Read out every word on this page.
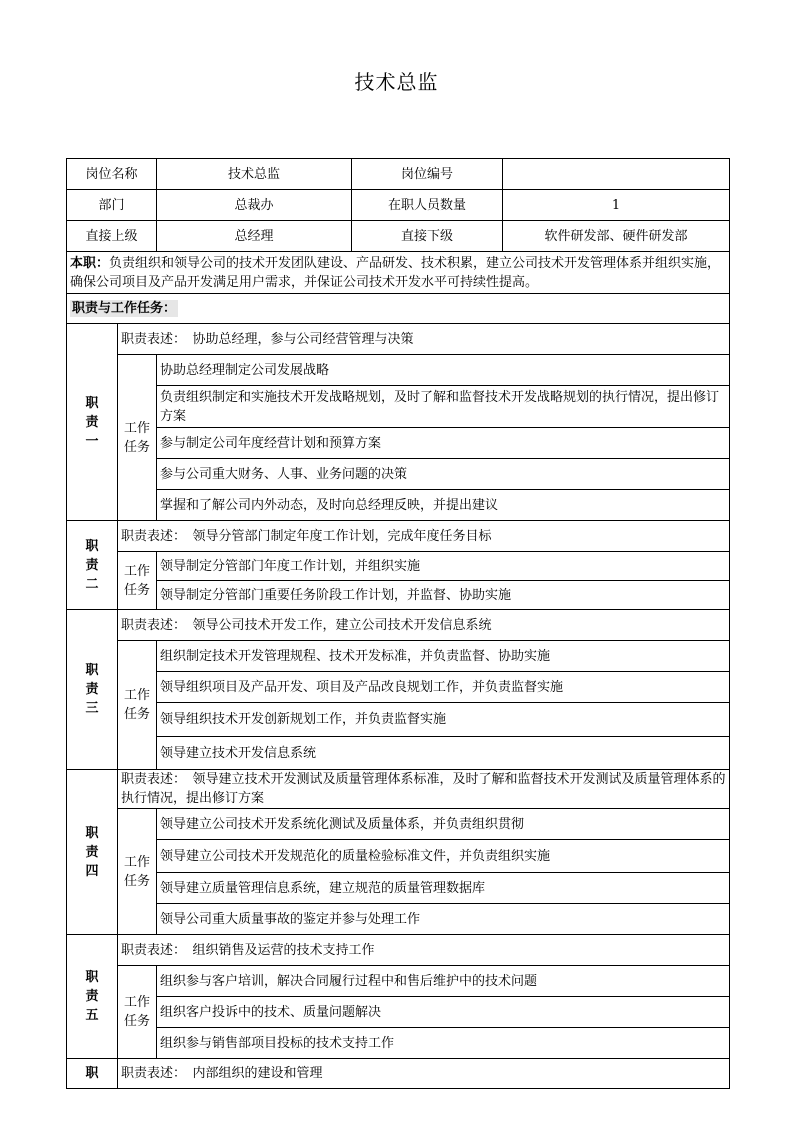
技术总监
岗位名称		技术总监	岗位编号	
部门		总裁办	在职人员数量	1
直接上级		总经理	直接下级	软件研发部、硬件研发部
本职：负责组织和领导公司的技术开发团队建设、产品研发、技术积累，建立公司技术开发管理体系并组织实施，确保公司项目及产品开发满足用户需求，并保证公司技术开发水平可持续性提高。				
职责与工作任务：				

职
责
一	职责表述：　协助总经理，参与公司经营管理与决策			

	工作
任务	协助总经理制定公司发展战略		
		负责组织制定和实施技术开发战略规划，及时了解和监督技术开发战略规划的执行情况，提出修订方案		
		参与制定公司年度经营计划和预算方案		
		参与公司重大财务、人事、业务问题的决策		
		掌握和了解公司内外动态，及时向总经理反映，并提出建议		

职
责
二	职责表述：　领导分管部门制定年度工作计划，完成年度任务目标			

	工作
任务	领导制定分管部门年度工作计划，并组织实施		
		领导制定分管部门重要任务阶段工作计划，并监督、协助实施		

职
责
三	职责表述：　领导公司技术开发工作，建立公司技术开发信息系统			

	工作
任务	组织制定技术开发管理规程、技术开发标准，并负责监督、协助实施		
		领导组织项目及产品开发、项目及产品改良规划工作，并负责监督实施		
		领导组织技术开发创新规划工作，并负责监督实施		
		领导建立技术开发信息系统		

职
责
四	职责表述：　领导建立技术开发测试及质量管理体系标准，及时了解和监督技术开发测试及质量管理体系的执行情况，提出修订方案			

	工作
任务	领导建立公司技术开发系统化测试及质量体系，并负责组织贯彻		
		领导建立公司技术开发规范化的质量检验标准文件，并负责组织实施		
		领导建立质量管理信息系统，建立规范的质量管理数据库		
		领导公司重大质量事故的鉴定并参与处理工作		

职
责
五	职责表述：　组织销售及运营的技术支持工作			

	工作
任务	组织参与客户培训，解决合同履行过程中和售后维护中的技术问题		
		组织客户投诉中的技术、质量问题解决		
		组织参与销售部项目投标的技术支持工作		

职	职责表述：　内部组织的建设和管理			
